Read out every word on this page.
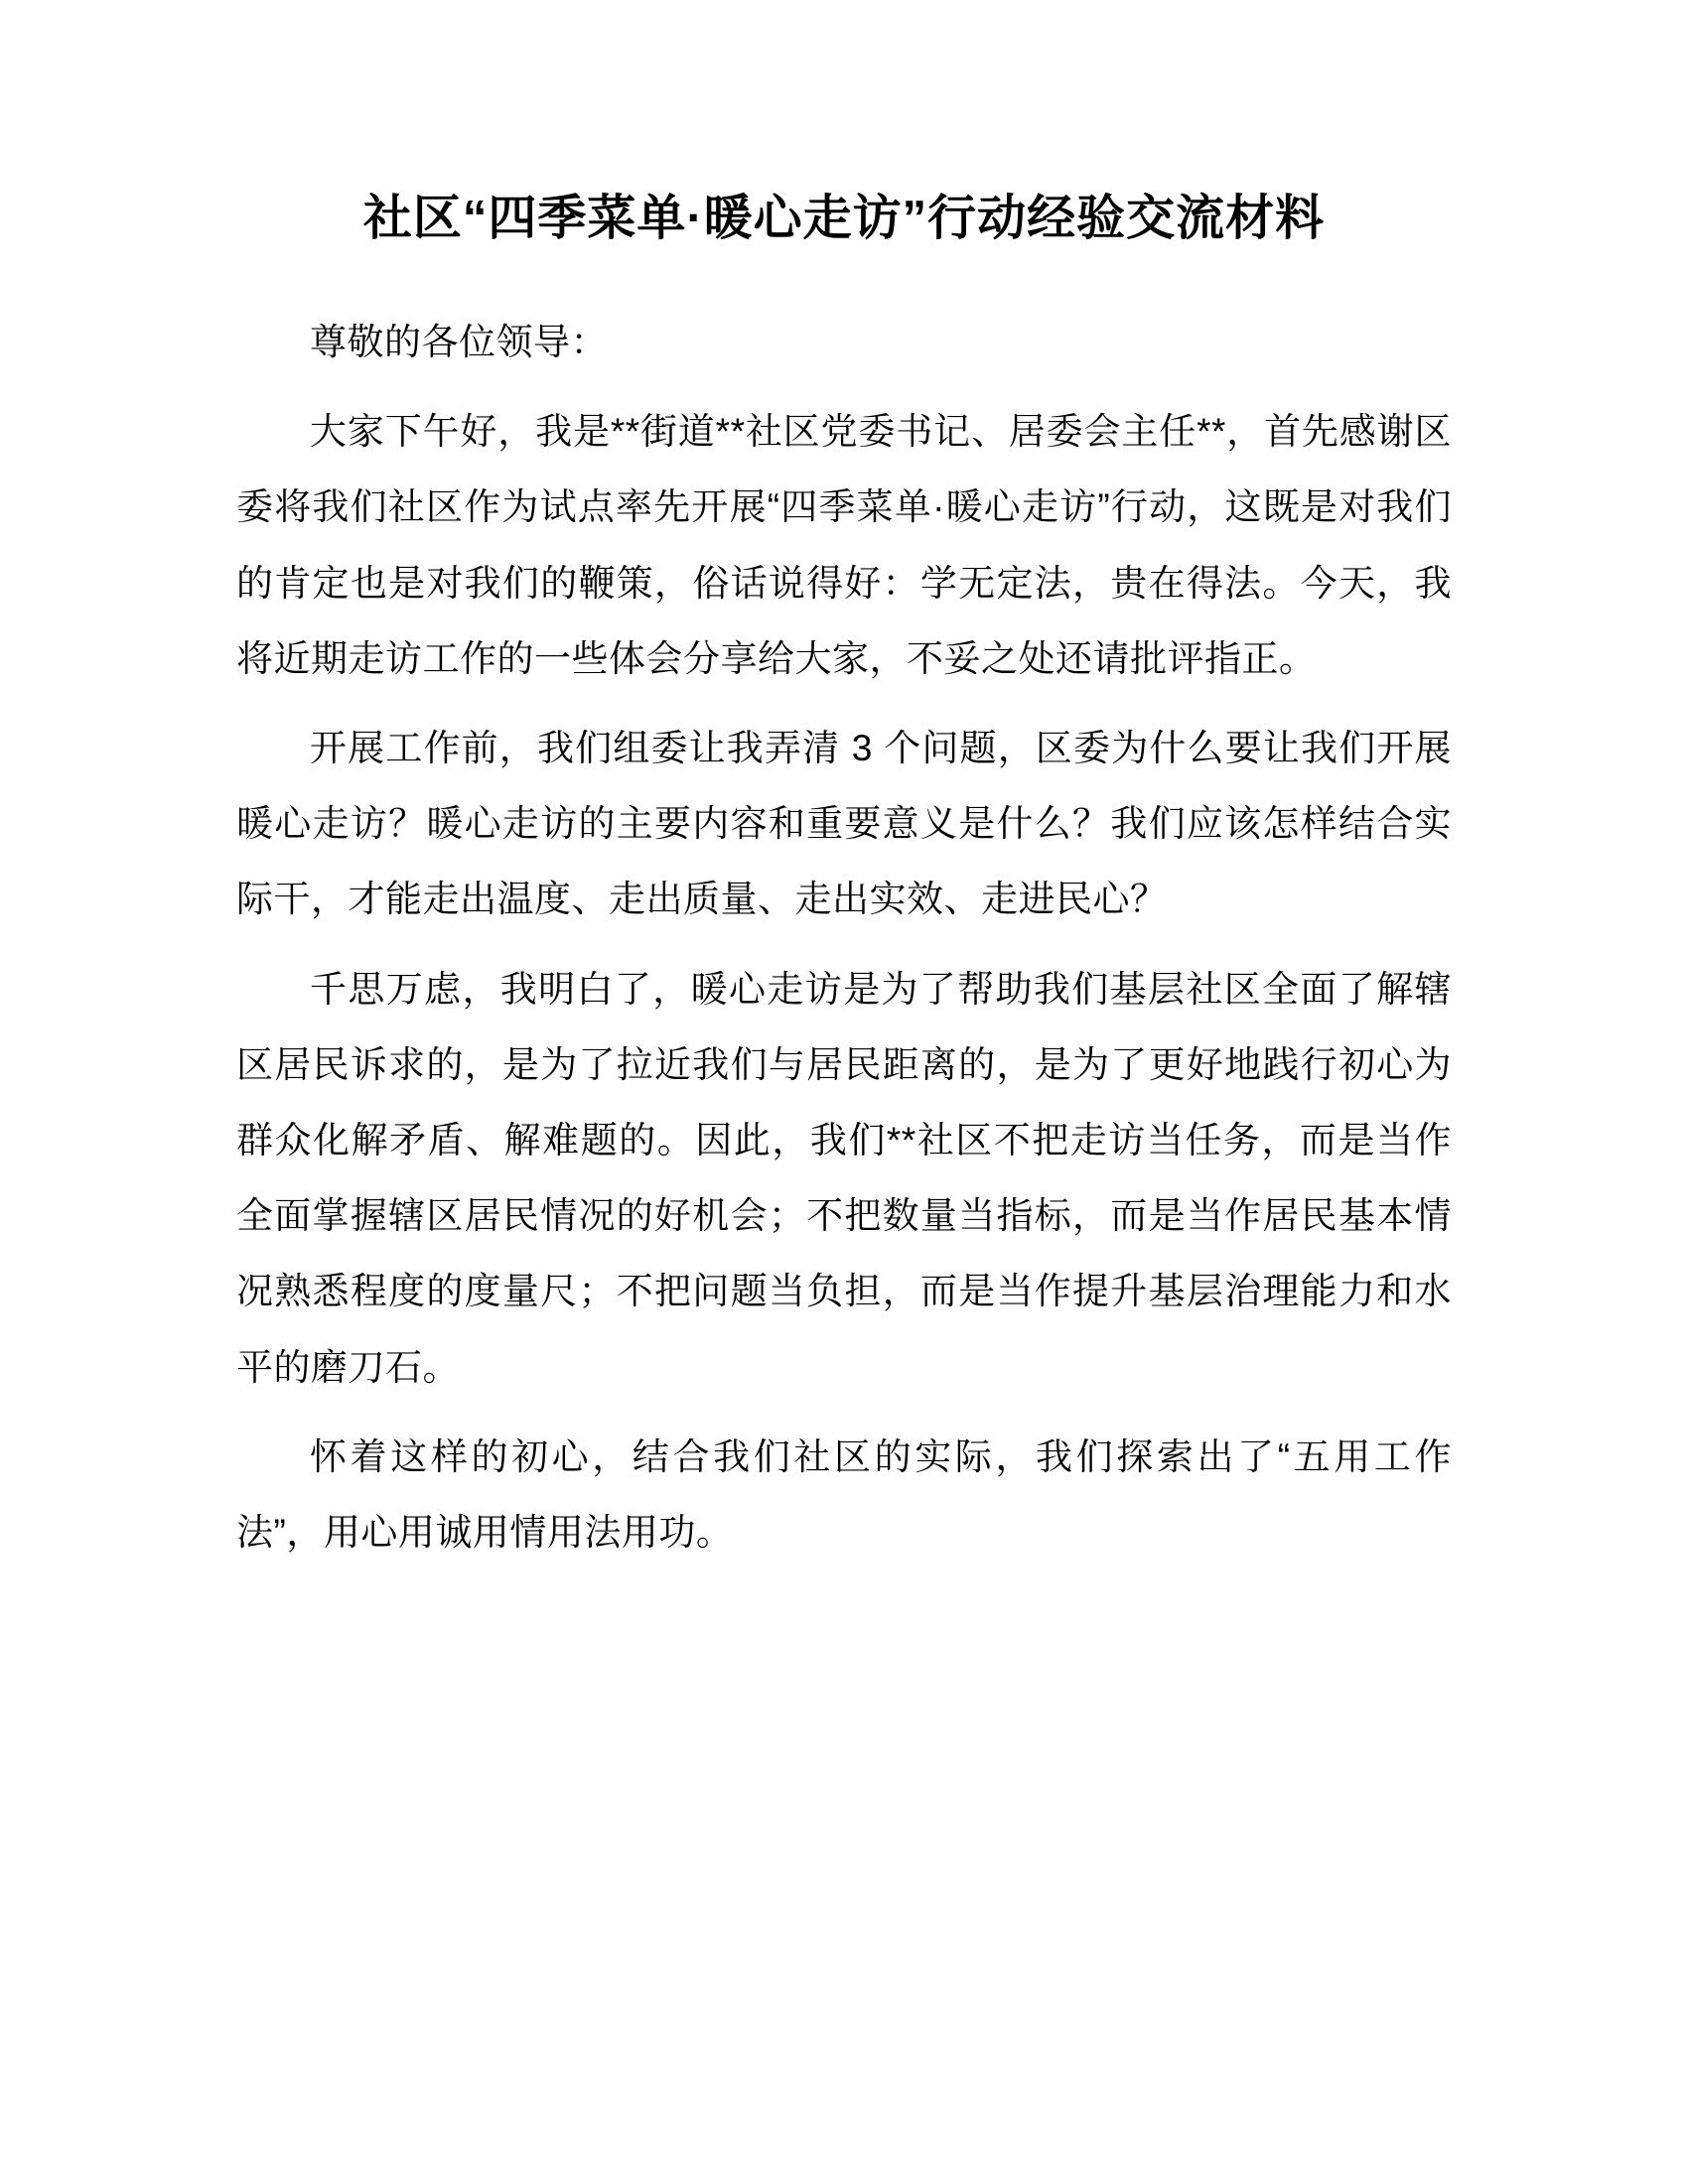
社区“四季菜单·暖心走访”行动经验交流材料

尊敬的各位领导：

大家下午好，我是**街道**社区党委书记、居委会主任**，首先感谢区委将我们社区作为试点率先开展“四季菜单·暖心走访”行动，这既是对我们的肯定也是对我们的鞭策，俗话说得好：学无定法，贵在得法。今天，我将近期走访工作的一些体会分享给大家，不妥之处还请批评指正。

开展工作前，我们组委让我弄清 3 个问题，区委为什么要让我们开展暖心走访？暖心走访的主要内容和重要意义是什么？我们应该怎样结合实际干，才能走出温度、走出质量、走出实效、走进民心？

千思万虑，我明白了，暖心走访是为了帮助我们基层社区全面了解辖区居民诉求的，是为了拉近我们与居民距离的，是为了更好地践行初心为群众化解矛盾、解难题的。因此，我们**社区不把走访当任务，而是当作全面掌握辖区居民情况的好机会；不把数量当指标，而是当作居民基本情况熟悉程度的度量尺；不把问题当负担，而是当作提升基层治理能力和水平的磨刀石。

怀着这样的初心，结合我们社区的实际，我们探索出了“五用工作法”，用心用诚用情用法用功。
